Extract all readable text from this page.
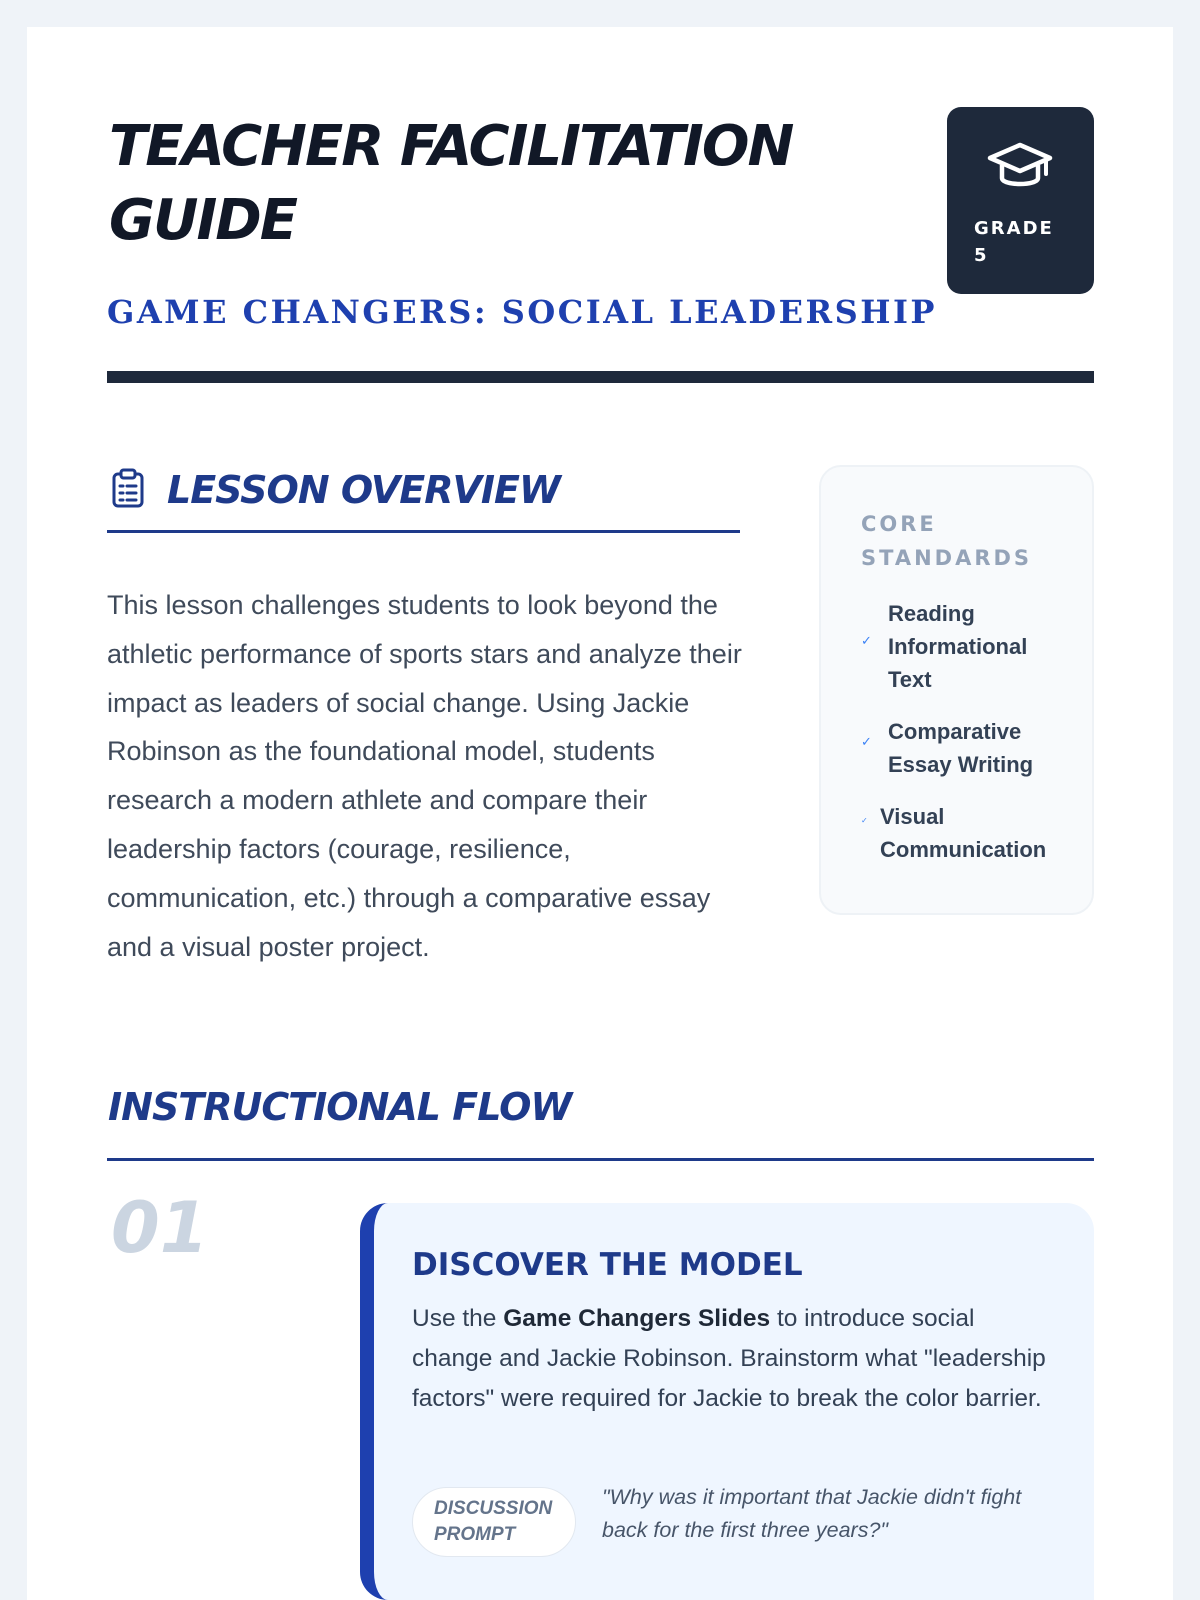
TEACHER FACILITATION GUIDE
GAME CHANGERS: SOCIAL LEADERSHIP
GRADE 5
LESSON OVERVIEW

This lesson challenges students to look beyond the athletic performance of sports stars and analyze their impact as leaders of social change. Using Jackie Robinson as the foundational model, students research a modern athlete and compare their leadership factors (courage, resilience, communication, etc.) through a comparative essay and a visual poster project.

CORE STANDARDS
✓
Reading Informational Text
✓ Comparative Essay Writing
✓ Visual Communication
INSTRUCTIONAL FLOW
01	DISCOVER THE MODEL

Use the Game Changers Slides to introduce social change and Jackie Robinson. Brainstorm what "leadership factors" were required for Jackie to break the color barrier.

DISCUSSION PROMPT
"Why was it important that Jackie didn't fight back for the first three years?"
